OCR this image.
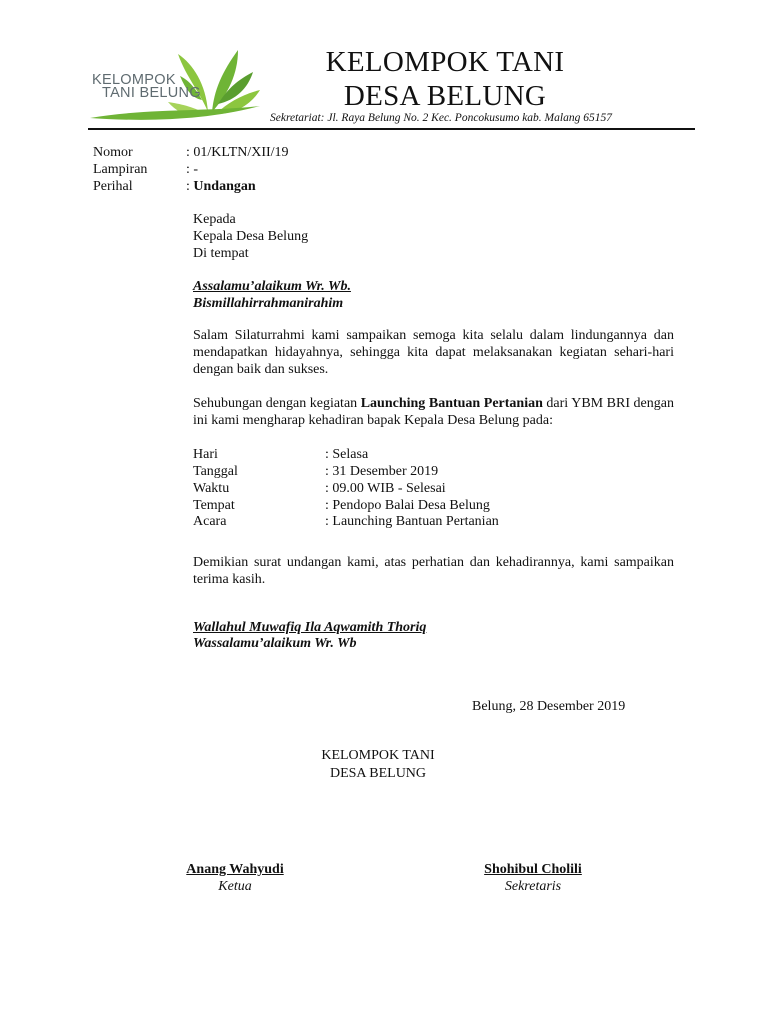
KELOMPOK
TANI BELUNG
KELOMPOK TANI
DESA BELUNG
Sekretariat: Jl. Raya Belung No. 2 Kec. Poncokusumo kab. Malang 65157
Nomor	: 01/KLTN/XII/19
Lampiran	: -
Perihal	: Undangan
Kepada
Kepala Desa Belung
Di tempat
Assalamu’alaikum Wr. Wb.
Bismillahirrahmanirahim
Salam Silaturrahmi kami sampaikan semoga kita selalu dalam lindungannya dan mendapatkan hidayahnya, sehingga kita dapat melaksanakan kegiatan sehari-hari dengan baik dan sukses.
Sehubungan dengan kegiatan Launching Bantuan Pertanian dari YBM BRI dengan ini kami mengharap kehadiran bapak Kepala Desa Belung pada:
Hari	: Selasa
Tanggal	: 31 Desember 2019
Waktu	: 09.00 WIB - Selesai
Tempat	: Pendopo Balai Desa Belung
Acara	: Launching Bantuan Pertanian
Demikian surat undangan kami, atas perhatian dan kehadirannya, kami sampaikan terima kasih.
Wallahul Muwafiq Ila Aqwamith Thoriq
Wassalamu’alaikum Wr. Wb
Belung, 28 Desember 2019
KELOMPOK TANI
DESA BELUNG
Anang Wahyudi
Ketua
Shohibul Cholili
Sekretaris
